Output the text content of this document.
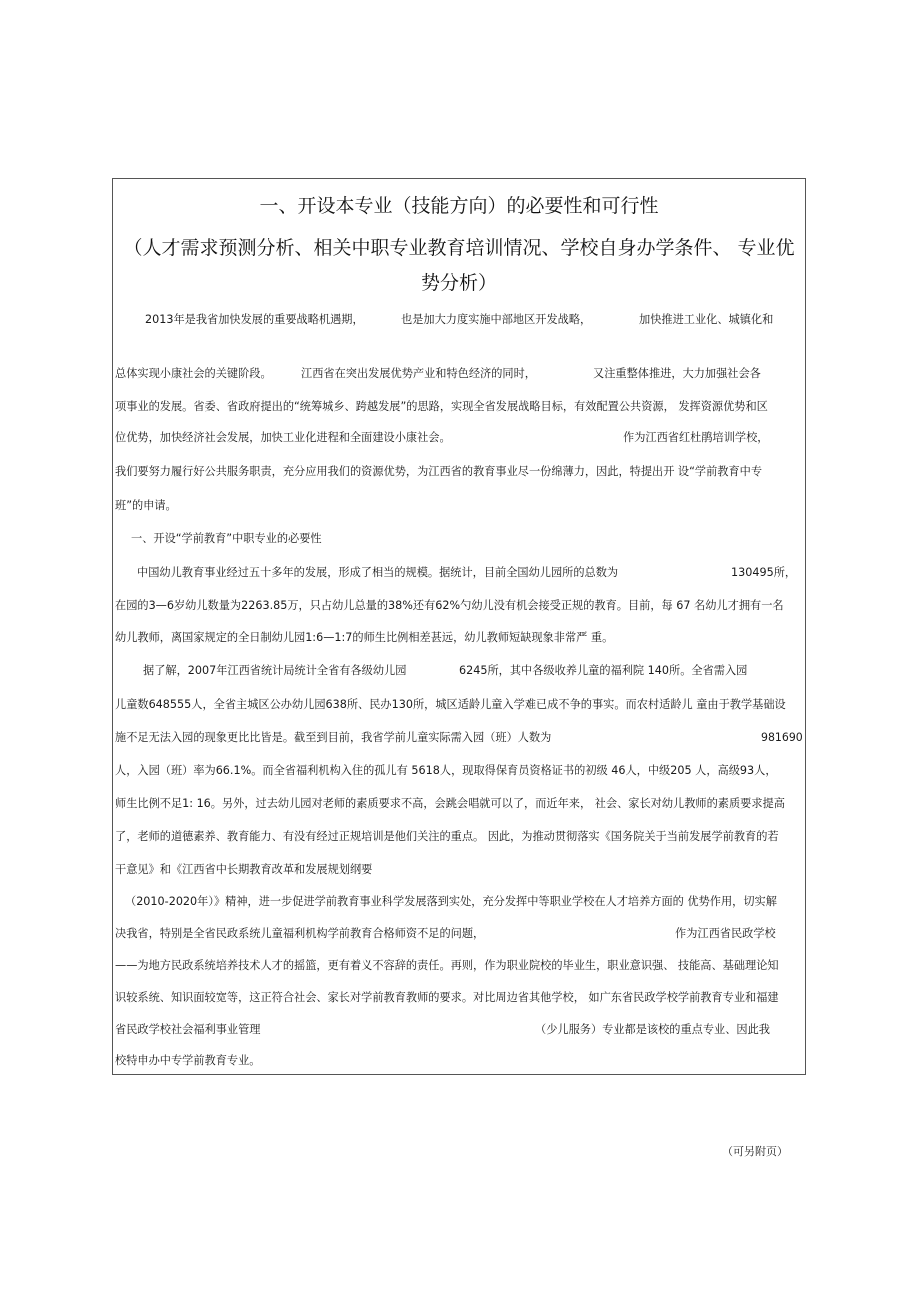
一、开设本专业（技能方向）的必要性和可行性
（人才需求预测分析、相关中职专业教育培训情况、学校自身办学条件、 专业优
势分析）
2013年是我省加快发展的重要战略机遇期，	也是加大力度实施中部地区开发战略，	加快推进工业化、城镇化和
总体实现小康社会的关键阶段。	江西省在突出发展优势产业和特色经济的同时，	又注重整体推进，大力加强社会各
项事业的发展。省委、省政府提出的“统筹城乡、跨越发展”的思路，实现全省发展战略目标，有效配置公共资源， 发挥资源优势和区
位优势，加快经济社会发展，加快工业化进程和全面建设小康社会。	作为江西省红杜鹃培训学校，
我们要努力履行好公共服务职责，充分应用我们的资源优势，为江西省的教育事业尽一份绵薄力，因此，特提出开 设“学前教育中专
班”的申请。
一、开设“学前教育”中职专业的必要性
中国幼儿教育事业经过五十多年的发展，形成了相当的规模。据统计，目前全国幼儿园所的总数为	130495所，
在园的3—6岁幼儿数量为2263.85万，只占幼儿总量的38%还有62%勺幼儿没有机会接受正规的教育。目前，每 67 名幼儿才拥有一名
幼儿教师，离国家规定的全日制幼儿园1:6—1:7的师生比例相差甚远，幼儿教师短缺现象非常严 重。
据了解，2007年江西省统计局统计全省有各级幼儿园	6245所，其中各级收养儿童的福利院 140所。全省需入园
儿童数648555人，全省主城区公办幼儿园638所、民办130所，城区适龄儿童入学难已成不争的事实。而农村适龄儿 童由于教学基础设
施不足无法入园的现象更比比皆是。截至到目前，我省学前儿童实际需入园（班）人数为	981690
人，入园（班）率为66.1%。而全省福利机构入住的孤儿有 5618人，现取得保育员资格证书的初级 46人，中级205 人，高级93人，
师生比例不足1: 16。另外，过去幼儿园对老师的素质要求不高，会跳会唱就可以了，而近年来， 社会、家长对幼儿教师的素质要求提高
了，老师的道德素养、教育能力、有没有经过正规培训是他们关注的重点。 因此，为推动贯彻落实《国务院关于当前发展学前教育的若
干意见》和《江西省中长期教育改革和发展规划纲要
（2010-2020年）》精神，进一步促进学前教育事业科学发展落到实处，充分发挥中等职业学校在人才培养方面的 优势作用，切实解
决我省，特别是全省民政系统儿童福利机构学前教育合格师资不足的问题，	作为江西省民政学校
——为地方民政系统培养技术人才的摇篮，更有着义不容辞的责任。再则，作为职业院校的毕业生，职业意识强、 技能高、基础理论知
识较系统、知识面较宽等，这正符合社会、家长对学前教育教师的要求。对比周边省其他学校， 如广东省民政学校学前教育专业和福建
省民政学校社会福利事业管理	（少儿服务）专业都是该校的重点专业、因此我
校特申办中专学前教育专业。
（可另附页）
